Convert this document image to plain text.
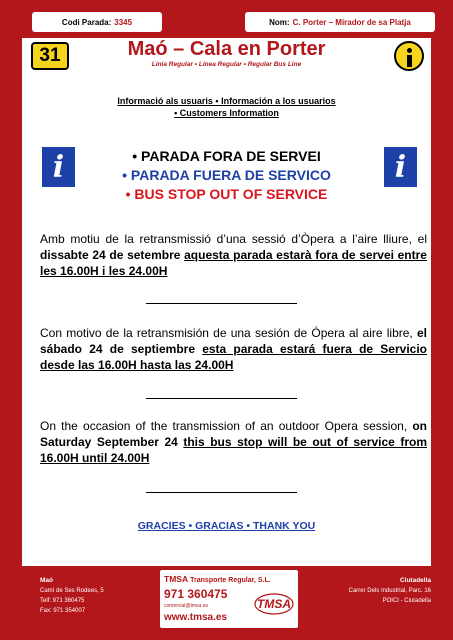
Codi Parada: 3345	Nom: C. Porter – Mirador de sa Platja
31	Maó – Cala en Porter
Línia Regular • Línea Regular • Regular Bus Line
Informació als usuaris • Información a los usuarios
• Customers Information
i	i
• PARADA FORA DE SERVEI
• PARADA FUERA DE SERVICO
• BUS STOP OUT OF SERVICE
Amb motiu de la retransmissió d’una sessió d’Òpera a l’aire lliure, el dissabte 24 de setembre aquesta parada estarà fora de servei entre les 16.00H i les 24.00H
Con motivo de la retransmisión de una sesión de Ópera al aire libre, el sábado 24 de septiembre esta parada estará fuera de Servicio desde las 16.00H hasta las 24.00H
On the occasion of the transmission of an outdoor Opera session, on Saturday September 24 this bus stop will be out of service from 16.00H until 24.00H
GRACIES • GRACIAS • THANK YOU
Maó
Camí de Ses Rodees, 5
Telf: 971 360475
Fax: 971 354007
TMSA Transporte Regular, S.L.
971 360475
comercial@tmsa.es
www.tmsa.es
TMSA
Ciutadella
Carrer Dels Industrial, Parc. 16
POICI - Ciutadella
